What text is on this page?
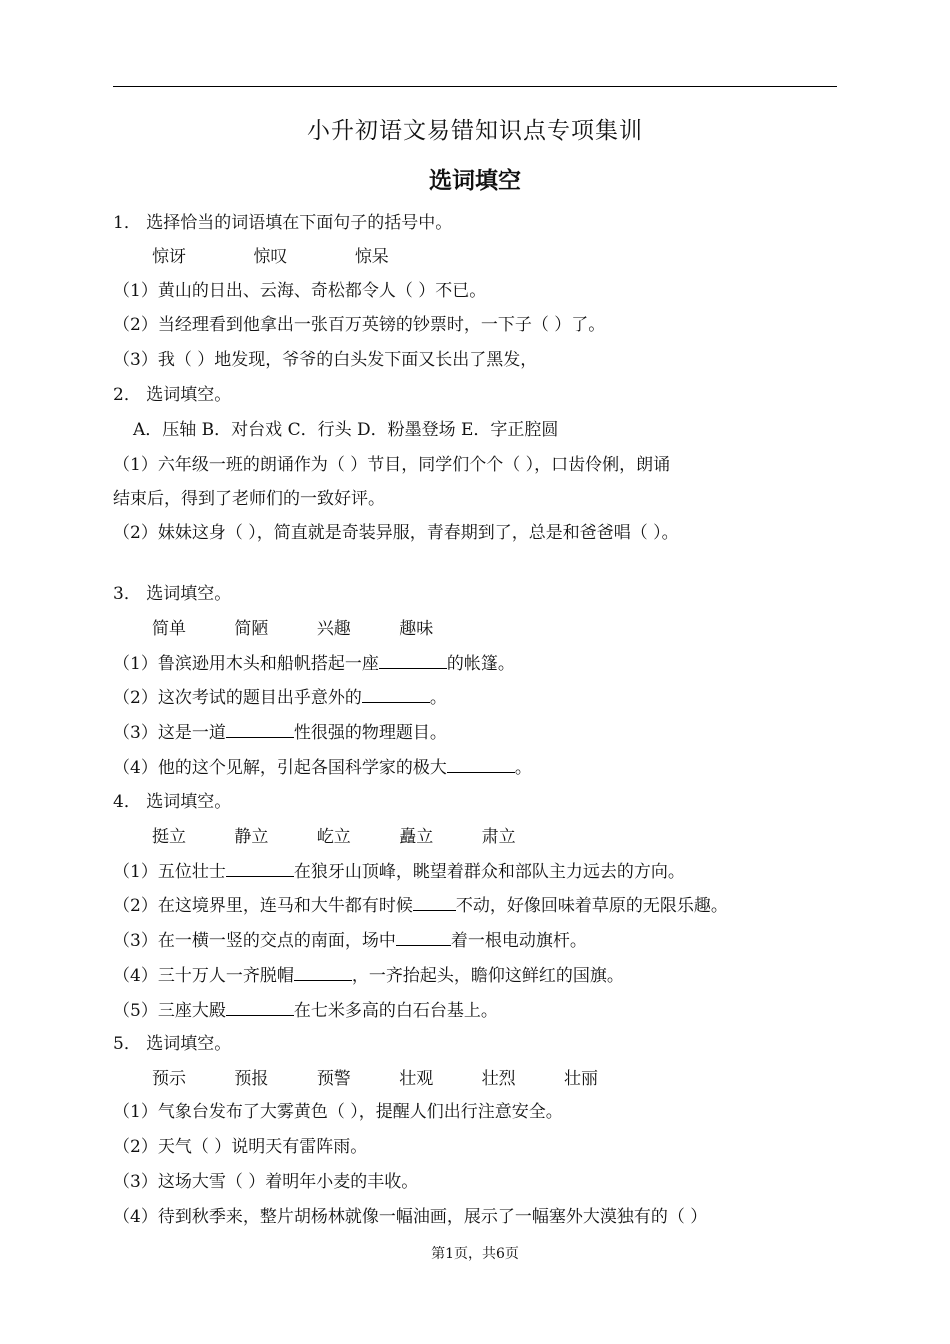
小升初语文易错知识点专项集训
选词填空
1． 选择恰当的词语填在下面句子的括号中。
惊讶	惊叹	惊呆
（1）黄山的日出、云海、奇松都令人（ ）不已。
（2）当经理看到他拿出一张百万英镑的钞票时，一下子（ ）了。
（3）我（ ）地发现，爷爷的白头发下面又长出了黑发，
2． 选词填空。
A．压轴 B．对台戏 C．行头 D．粉墨登场 E．字正腔圆
（1）六年级一班的朗诵作为（ ）节目，同学们个个（ ），口齿伶俐，朗诵
结束后，得到了老师们的一致好评。
（2）妹妹这身（ ），简直就是奇装异服，青春期到了，总是和爸爸唱（ ）。
3． 选词填空。
简单	简陋	兴趣	趣味
（1）鲁滨逊用木头和船帆搭起一座	的帐篷。
（2）这次考试的题目出乎意外的	。
（3）这是一道	性很强的物理题目。
（4）他的这个见解，引起各国科学家的极大	。
4． 选词填空。
挺立	静立	屹立	矗立	肃立
（1）五位壮士	在狼牙山顶峰，眺望着群众和部队主力远去的方向。
（2）在这境界里，连马和大牛都有时候	不动，好像回味着草原的无限乐趣。
（3）在一横一竖的交点的南面，场中	着一根电动旗杆。
（4）三十万人一齐脱帽	，一齐抬起头，瞻仰这鲜红的国旗。
（5）三座大殿	在七米多高的白石台基上。
5． 选词填空。
预示	预报	预警	壮观	壮烈	壮丽
（1）气象台发布了大雾黄色（ ），提醒人们出行注意安全。
（2）天气（ ）说明天有雷阵雨。
（3）这场大雪（ ）着明年小麦的丰收。
（4）待到秋季来，整片胡杨林就像一幅油画，展示了一幅塞外大漠独有的（ ）
第1页，共6页
